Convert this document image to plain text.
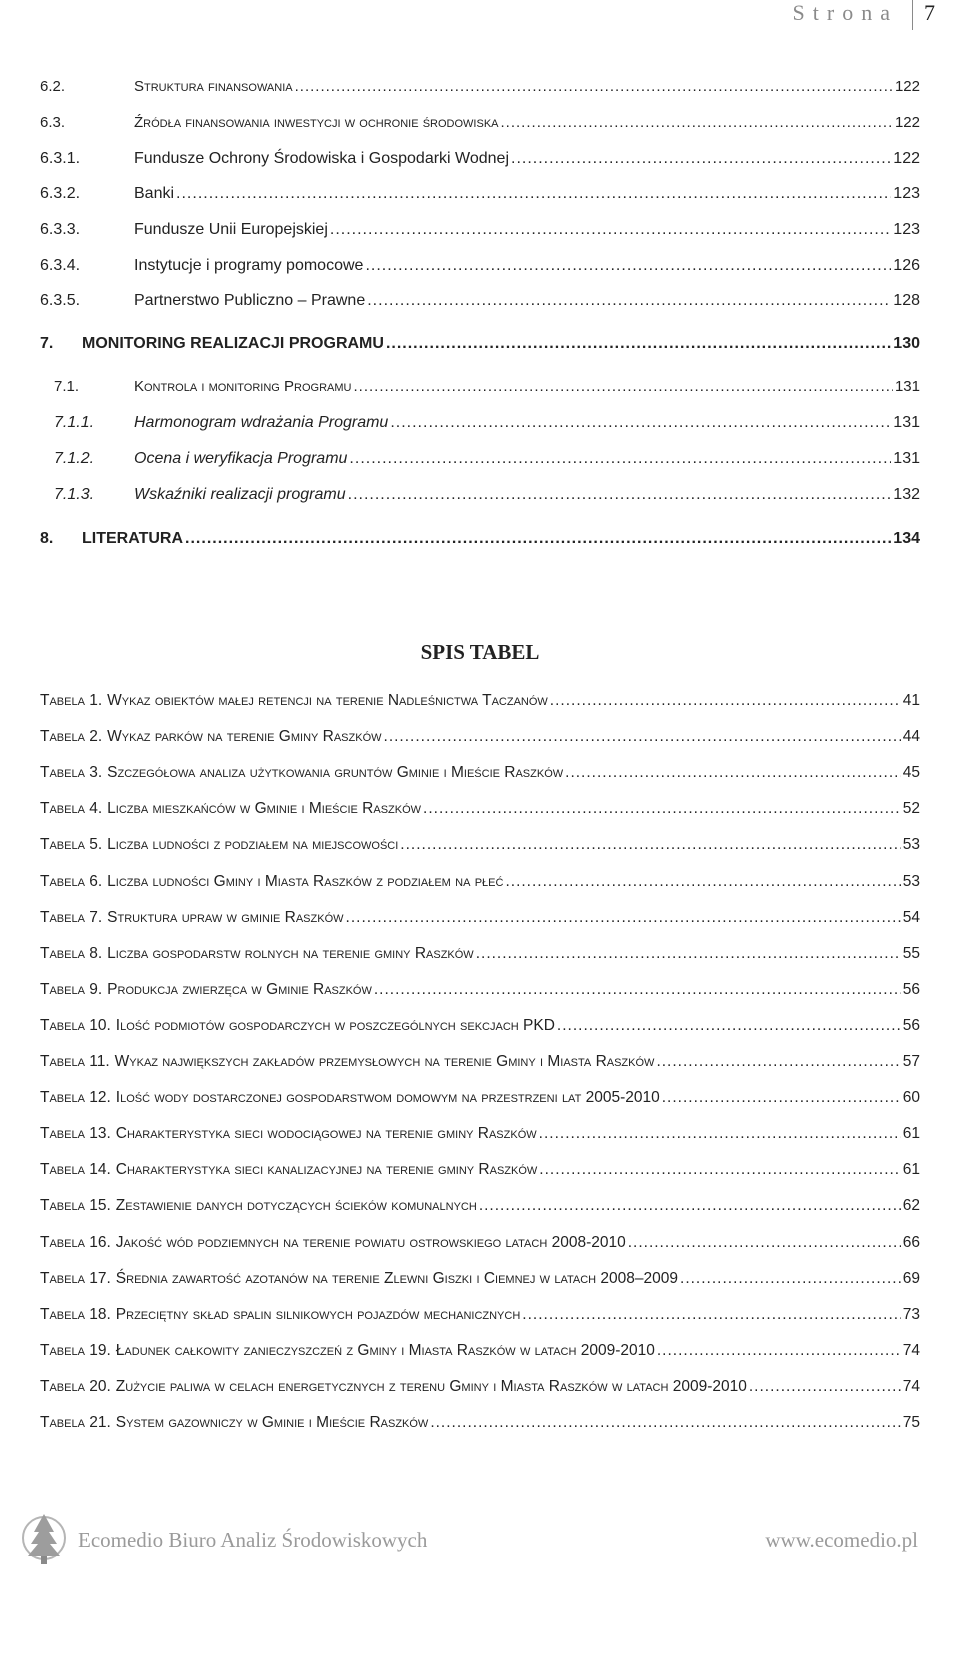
Strona 7
6.2.	Struktura finansowania .....	122
6.3.	Źródła finansowania inwestycji w ochronie środowiska .....	122
6.3.1.	Fundusze Ochrony Środowiska i Gospodarki Wodnej .....	122
6.3.2.	Banki .....	123
6.3.3.	Fundusze Unii Europejskiej .....	123
6.3.4.	Instytucje i programy pomocowe .....	126
6.3.5.	Partnerstwo Publiczno – Prawne .....	128
7.	MONITORING REALIZACJI PROGRAMU .....	130
7.1.	Kontrola i monitoring Programu .....	131
7.1.1.	Harmonogram wdrażania Programu .....	131
7.1.2.	Ocena i weryfikacja Programu .....	131
7.1.3.	Wskaźniki realizacji programu .....	132
8.	LITERATURA .....	134
SPIS TABEL
Tabela 1. Wykaz obiektów małej retencji na terenie Nadleśnictwa Taczanów .....	41
Tabela 2. Wykaz parków na terenie Gminy Raszków .....	44
Tabela 3. Szczegółowa analiza użytkowania gruntów Gminie i Mieście Raszków .....	45
Tabela 4. Liczba mieszkańców w Gminie i Mieście Raszków .....	52
Tabela 5. Liczba ludności z podziałem na miejscowości .....	53
Tabela 6. Liczba ludności Gminy i Miasta Raszków z podziałem na płeć .....	53
Tabela 7. Struktura upraw w gminie Raszków .....	54
Tabela 8. Liczba gospodarstw rolnych na terenie gminy Raszków .....	55
Tabela 9. Produkcja zwierzęca w Gminie Raszków .....	56
Tabela 10. Ilość podmiotów gospodarczych w poszczególnych sekcjach PKD .....	56
Tabela 11. Wykaz największych zakładów przemysłowych na terenie Gminy i Miasta Raszków .....	57
Tabela 12. Ilość wody dostarczonej gospodarstwom domowym na przestrzeni lat 2005-2010 .....	60
Tabela 13. Charakterystyka sieci wodociągowej na terenie gminy Raszków .....	61
Tabela 14. Charakterystyka sieci kanalizacyjnej na terenie gminy Raszków .....	61
Tabela 15. Zestawienie danych dotyczących ścieków komunalnych .....	62
Tabela 16. Jakość wód podziemnych na terenie powiatu ostrowskiego latach 2008-2010 .....	66
Tabela 17. Średnia zawartość azotanów na terenie Zlewni Giszki i Ciemnej w latach 2008–2009 .....	69
Tabela 18. Przeciętny skład spalin silnikowych pojazdów mechanicznych .....	73
Tabela 19. Ładunek całkowity zanieczyszczeń z Gminy i Miasta Raszków w latach 2009-2010 .....	74
Tabela 20. Zużycie paliwa w celach energetycznych z terenu Gminy i Miasta Raszków w latach 2009-2010 .....	74
Tabela 21. System gazowniczy w Gminie i Mieście Raszków .....	75
Ecomedio Biuro Analiz Środowiskowych	www.ecomedio.pl
